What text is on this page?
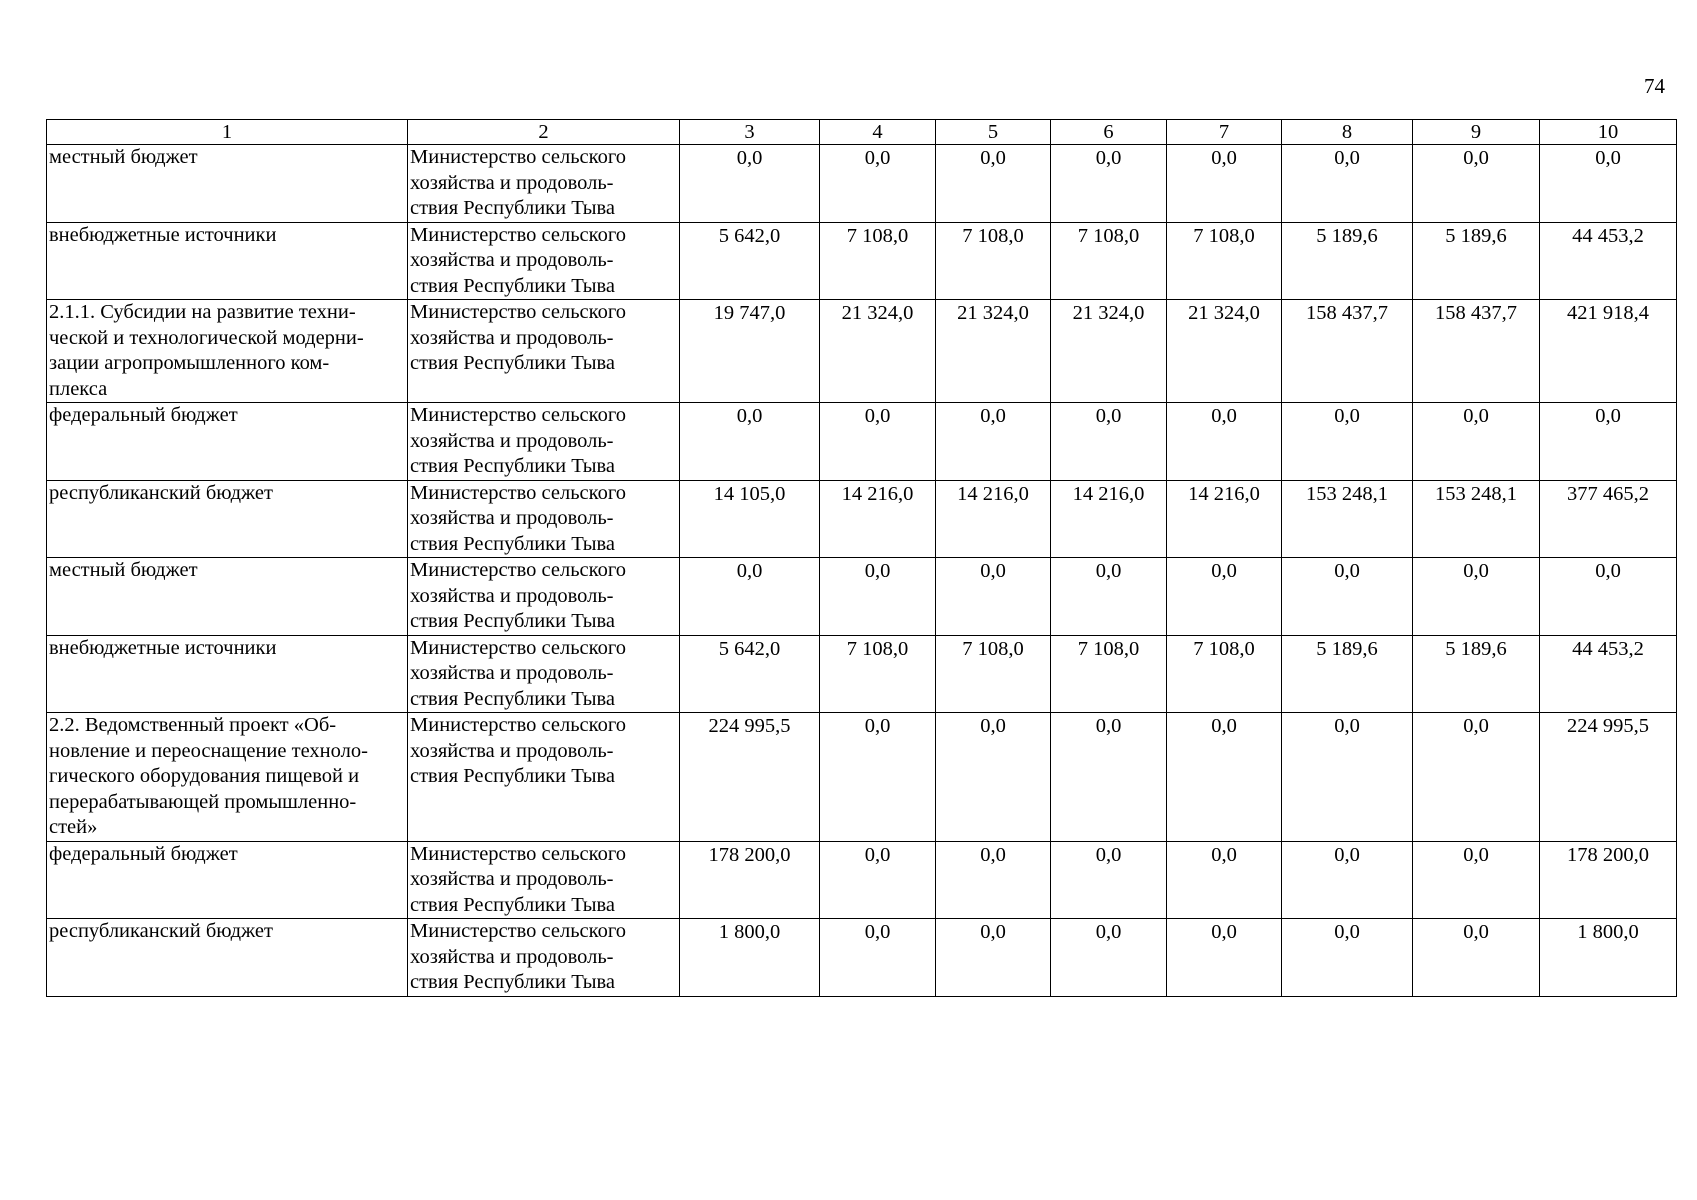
74
1	2	3	4	5	6	7	8	9	10

местный бюджет	Министерство сельского
хозяйства и продоволь-
ствия Республики Тыва	0,0	0,0	0,0	0,0	0,0	0,0	0,0	0,0

внебюджетные источники	Министерство сельского
хозяйства и продоволь-
ствия Республики Тыва	5 642,0	7 108,0	7 108,0	7 108,0	7 108,0	5 189,6	5 189,6	44 453,2

2.1.1. Субсидии на развитие техни-
ческой и технологической модерни-
зации агропромышленного ком-
плекса	Министерство сельского
хозяйства и продоволь-
ствия Республики Тыва	19 747,0	21 324,0	21 324,0	21 324,0	21 324,0	158 437,7	158 437,7	421 918,4

федеральный бюджет	Министерство сельского
хозяйства и продоволь-
ствия Республики Тыва	0,0	0,0	0,0	0,0	0,0	0,0	0,0	0,0

республиканский бюджет	Министерство сельского
хозяйства и продоволь-
ствия Республики Тыва	14 105,0	14 216,0	14 216,0	14 216,0	14 216,0	153 248,1	153 248,1	377 465,2

местный бюджет	Министерство сельского
хозяйства и продоволь-
ствия Республики Тыва	0,0	0,0	0,0	0,0	0,0	0,0	0,0	0,0

внебюджетные источники	Министерство сельского
хозяйства и продоволь-
ствия Республики Тыва	5 642,0	7 108,0	7 108,0	7 108,0	7 108,0	5 189,6	5 189,6	44 453,2

2.2. Ведомственный проект «Об-
новление и переоснащение техноло-
гического оборудования пищевой и
перерабатывающей промышленно-
стей»	Министерство сельского
хозяйства и продоволь-
ствия Республики Тыва	224 995,5	0,0	0,0	0,0	0,0	0,0	0,0	224 995,5

федеральный бюджет	Министерство сельского
хозяйства и продоволь-
ствия Республики Тыва	178 200,0	0,0	0,0	0,0	0,0	0,0	0,0	178 200,0

республиканский бюджет	Министерство сельского
хозяйства и продоволь-
ствия Республики Тыва	1 800,0	0,0	0,0	0,0	0,0	0,0	0,0	1 800,0
